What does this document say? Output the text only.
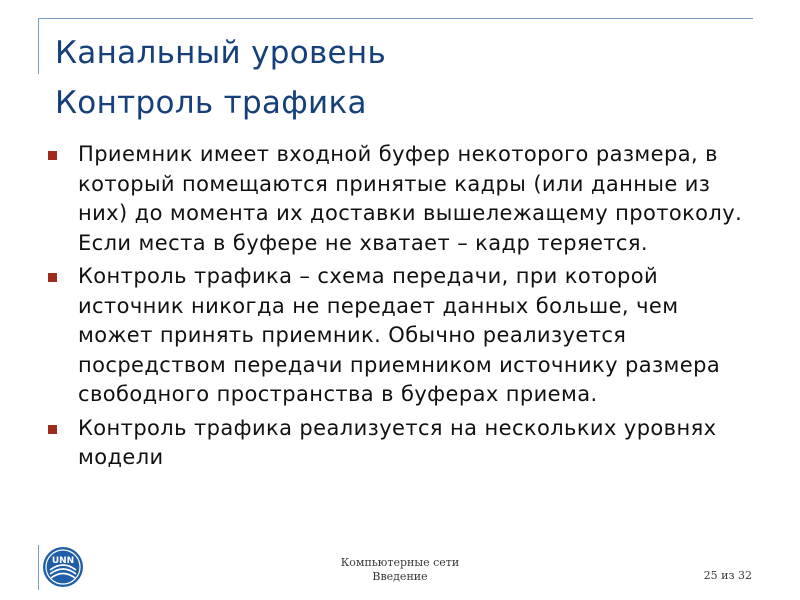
Канальный уровень
Контроль трафика
Приемник имеет входной буфер некоторого размера, в который помещаются принятые кадры (или данные из них) до момента их доставки вышележащему протоколу. Если места в буфере не хватает – кадр теряется.
Контроль трафика – схема передачи, при которой источник никогда не передает данных больше, чем может принять приемник. Обычно реализуется посредством передачи приемником источнику размера свободного пространства в буферах приема.
Контроль трафика реализуется на нескольких уровнях модели
UNN	Компьютерные сети
Введение	25 из 32
